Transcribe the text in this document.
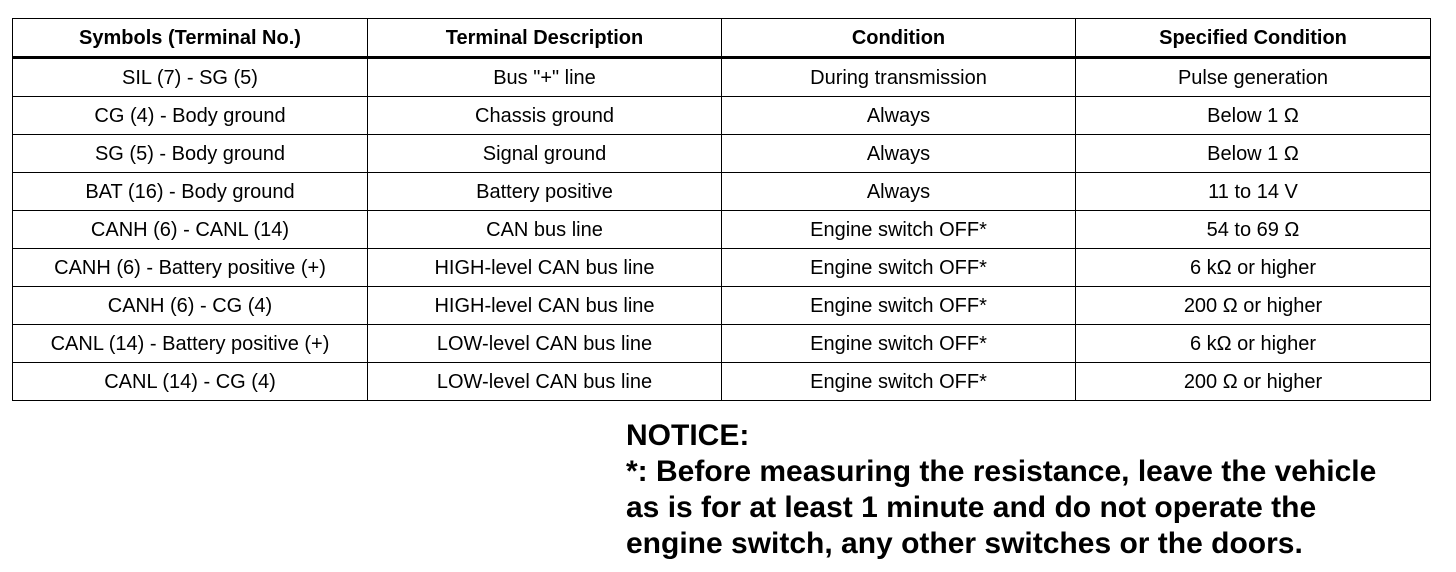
Symbols (Terminal No.)	Terminal Description	Condition	Specified Condition
SIL (7) - SG (5)	Bus "+" line	During transmission	Pulse generation
CG (4) - Body ground	Chassis ground	Always	Below 1 Ω
SG (5) - Body ground	Signal ground	Always	Below 1 Ω
BAT (16) - Body ground	Battery positive	Always	11 to 14 V
CANH (6) - CANL (14)	CAN bus line	Engine switch OFF*	54 to 69 Ω
CANH (6) - Battery positive (+)	HIGH-level CAN bus line	Engine switch OFF*	6 kΩ or higher
CANH (6) - CG (4)	HIGH-level CAN bus line	Engine switch OFF*	200 Ω or higher
CANL (14) - Battery positive (+)	LOW-level CAN bus line	Engine switch OFF*	6 kΩ or higher
CANL (14) - CG (4)	LOW-level CAN bus line	Engine switch OFF*	200 Ω or higher
NOTICE:
*: Before measuring the resistance, leave the vehicle as is for at least 1 minute and do not operate the engine switch, any other switches or the doors.
